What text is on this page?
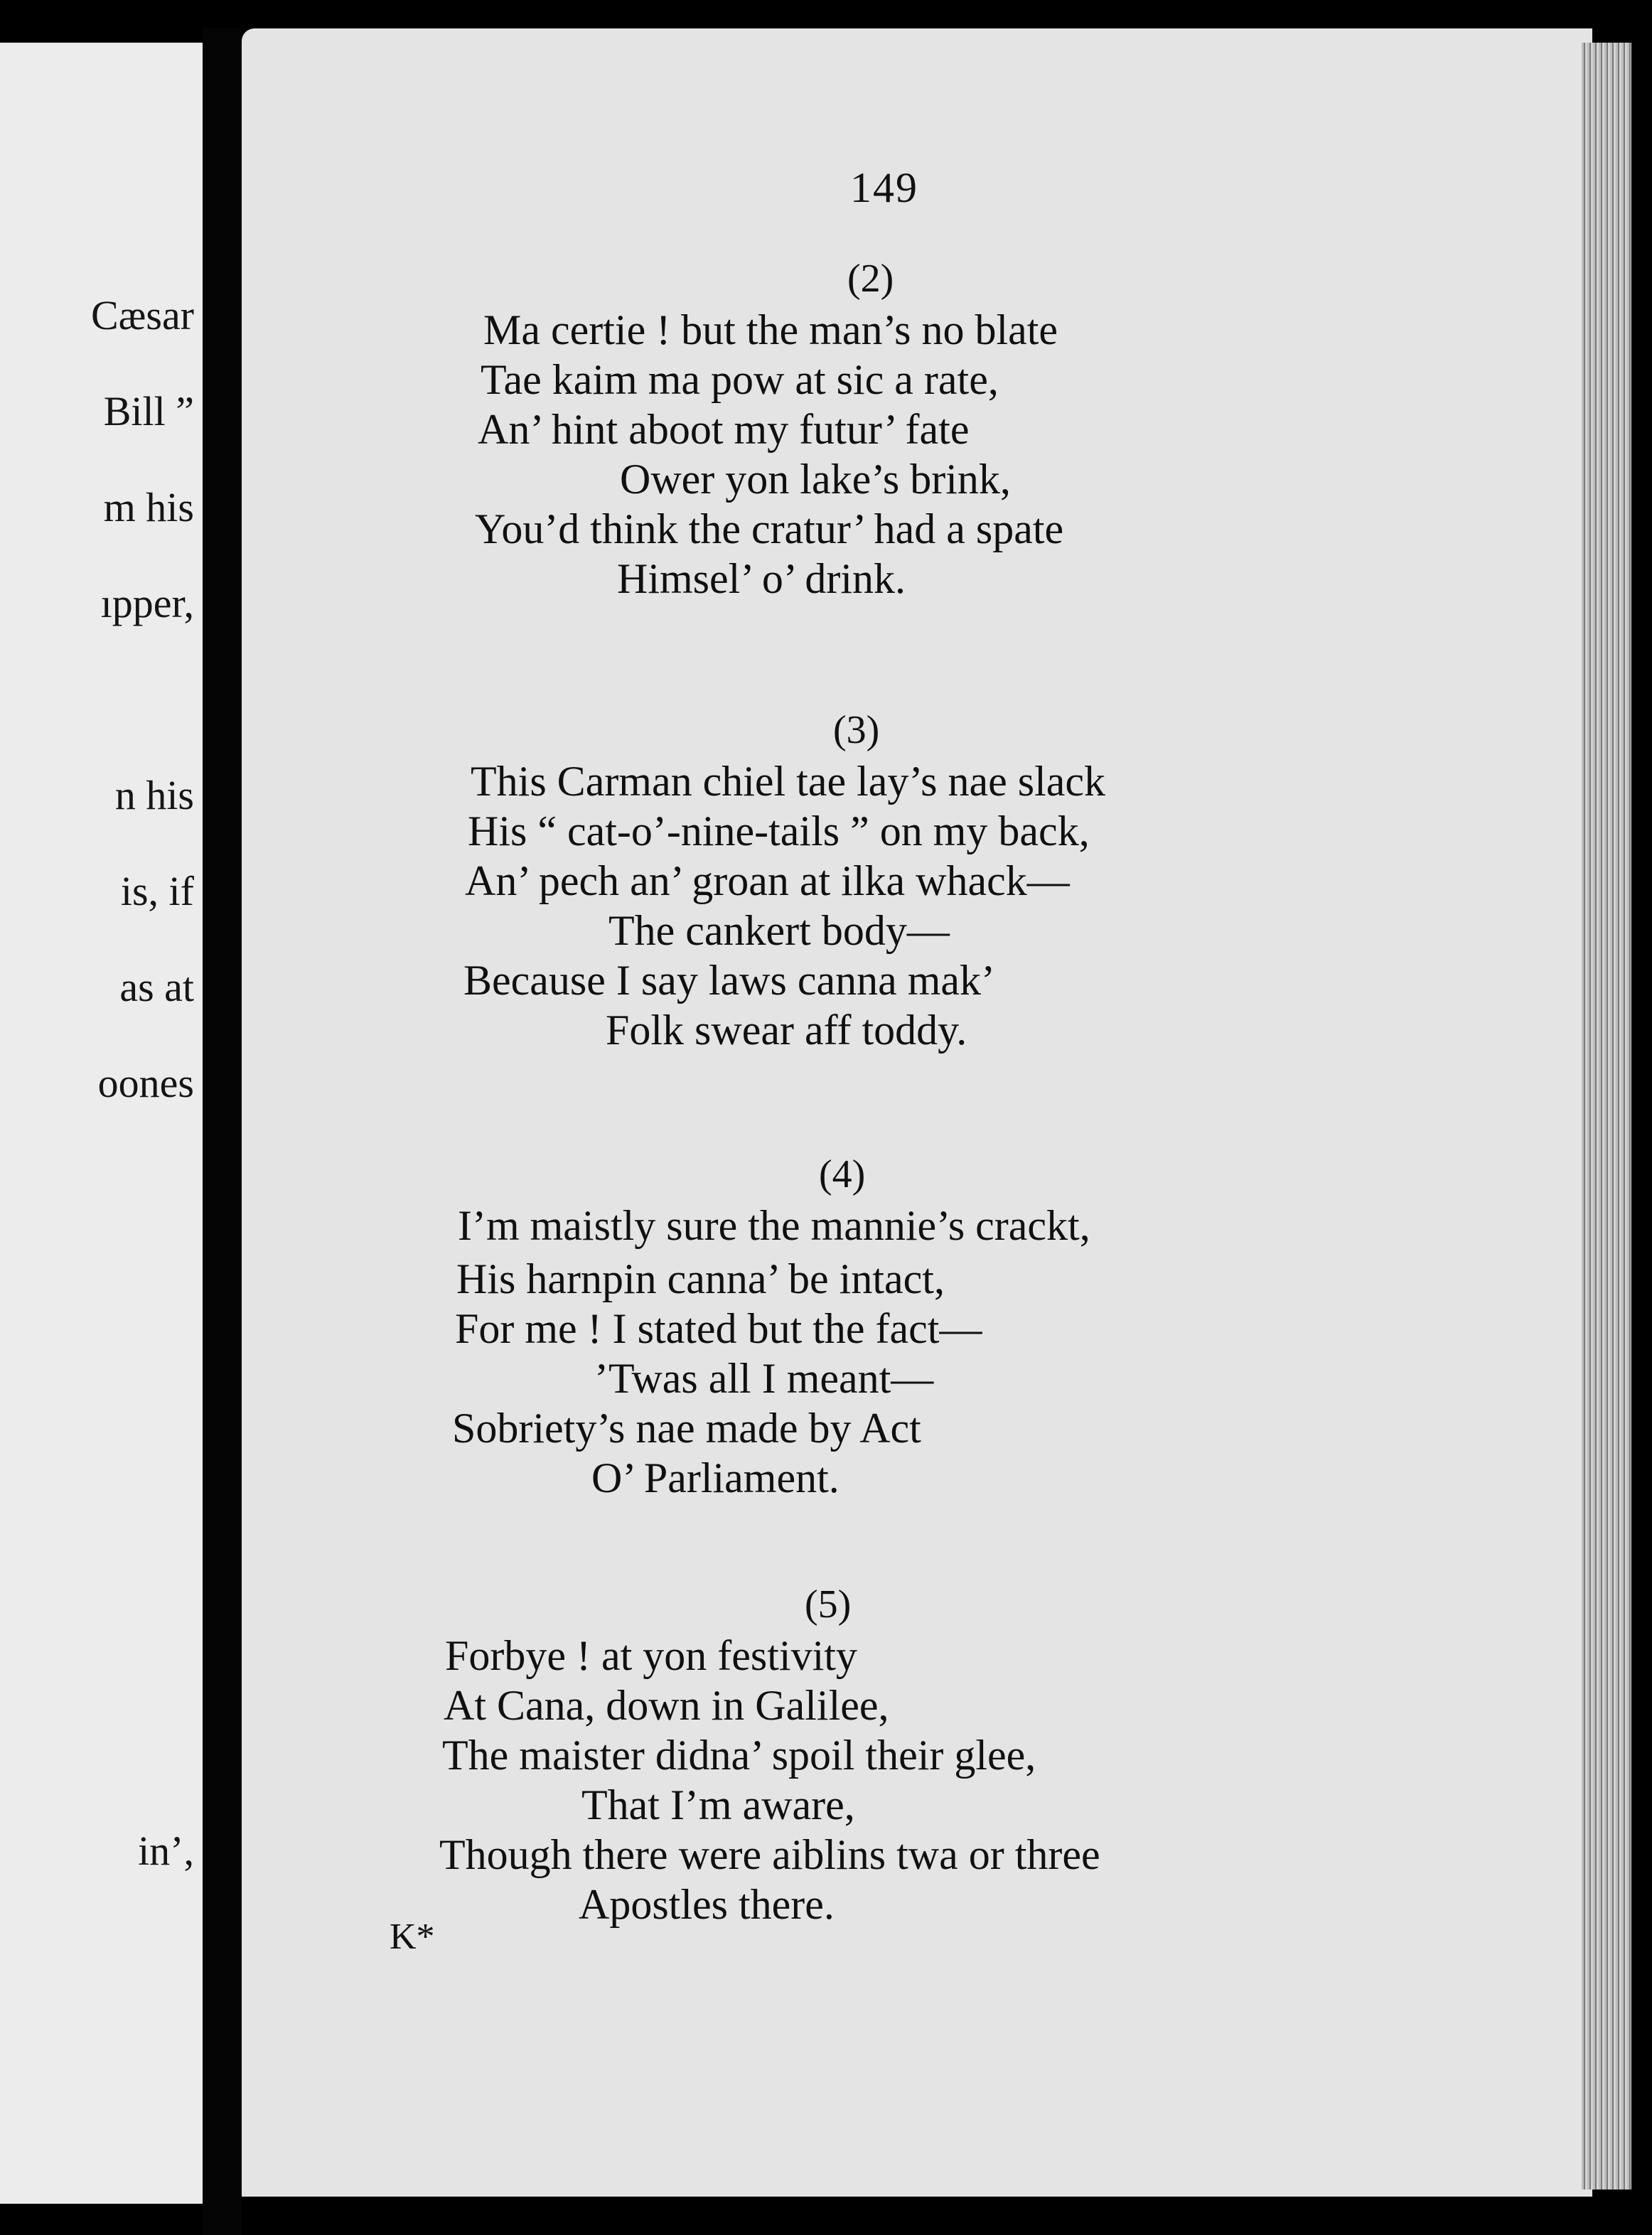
Cæsar
Bill ”
m his
ıpper,
n his
is, if
as at
oones
in’,
149
(2)
Ma certie ! but the man’s no blate
Tae kaim ma pow at sic a rate,
An’ hint aboot my futur’ fate
Ower yon lake’s brink,
You’d think the cratur’ had a spate
Himsel’ o’ drink.
(3)
This Carman chiel tae lay’s nae slack
His “ cat-o’-nine-tails ” on my back,
An’ pech an’ groan at ilka whack—
The cankert body—
Because I say laws canna mak’
Folk swear aff toddy.
(4)
I’m maistly sure the mannie’s crackt,
His harnpin canna’ be intact,
For me ! I stated but the fact—
’Twas all I meant—
Sobriety’s nae made by Act
O’ Parliament.
(5)
Forbye ! at yon festivity
At Cana, down in Galilee,
The maister didna’ spoil their glee,
That I’m aware,
Though there were aiblins twa or three
Apostles there.
K*
